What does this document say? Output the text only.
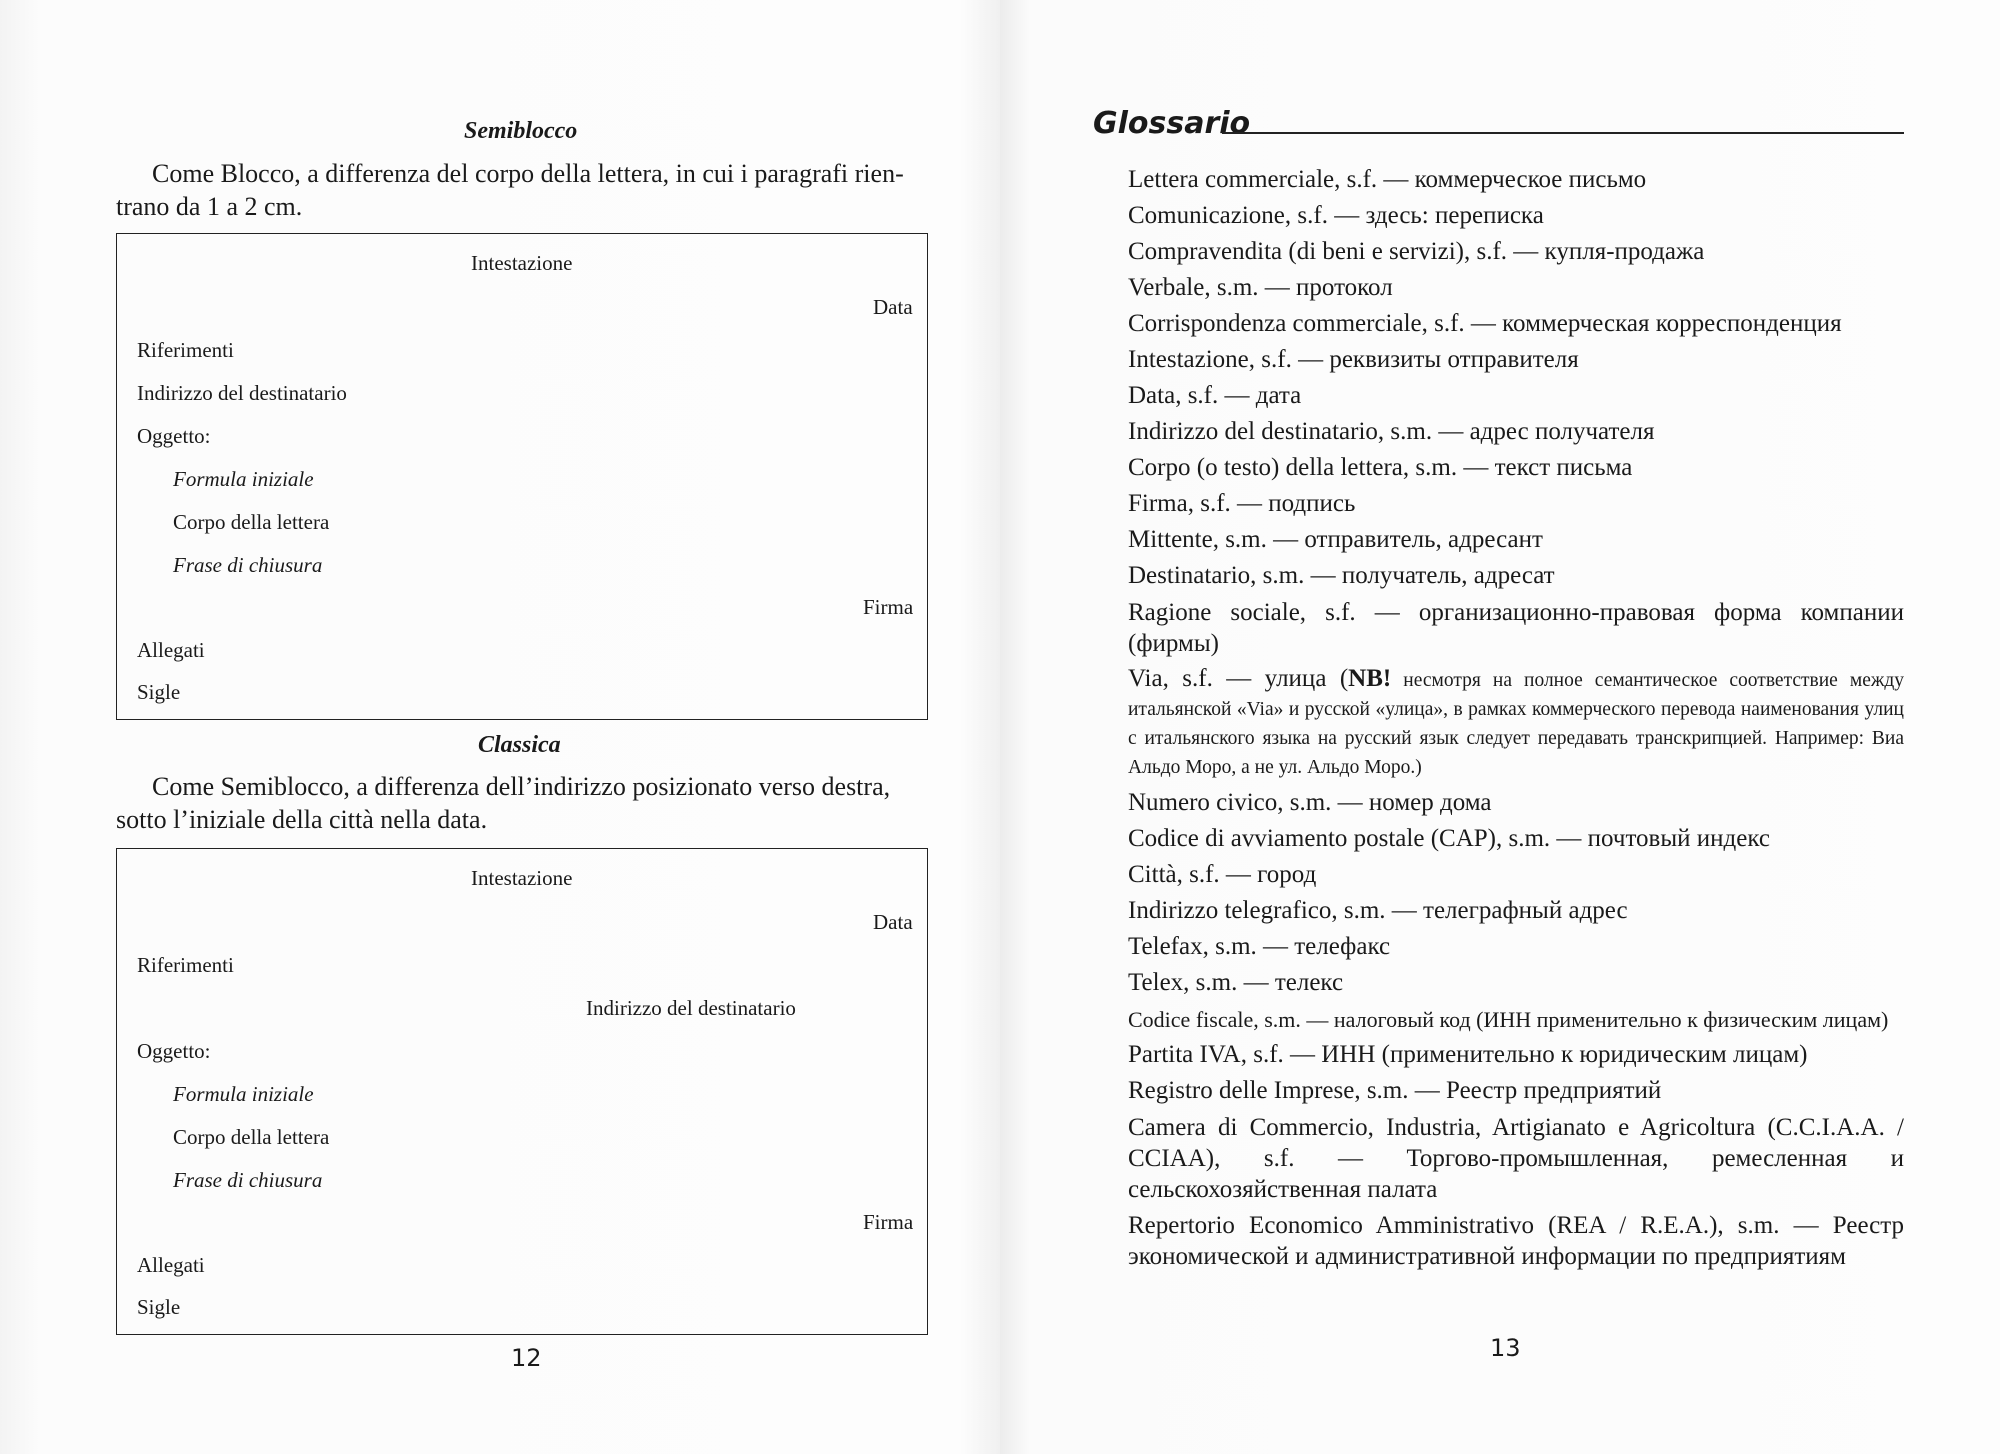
Semiblocco
Come Blocco, a differenza del corpo della lettera, in cui i paragrafi rien-
trano da 1 a 2 cm.
Intestazione
Data
Riferimenti
Indirizzo del destinatario
Oggetto:
Formula iniziale
Corpo della lettera
Frase di chiusura
Firma
Allegati
Sigle
Classica
Come Semiblocco, a differenza dell’indirizzo posizionato verso destra,
sotto l’iniziale della città nella data.
Intestazione
Data
Riferimenti
Indirizzo del destinatario
Oggetto:
Formula iniziale
Corpo della lettera
Frase di chiusura
Firma
Allegati
Sigle
12
Glossario
Lettera commerciale, s.f. — коммерческое письмо
Comunicazione, s.f. — здесь: переписка
Compravendita (di beni e servizi), s.f. — купля-продажа
Verbale, s.m. — протокол
Corrispondenza commerciale, s.f. — коммерческая корреспонденция
Intestazione, s.f. — реквизиты отправителя
Data, s.f. — дата
Indirizzo del destinatario, s.m. — адрес получателя
Corpo (o testo) della lettera, s.m. — текст письма
Firma, s.f. — подпись
Mittente, s.m. — отправитель, адресант
Destinatario, s.m. — получатель, адресат
Ragione sociale, s.f. — организационно-правовая форма компании (фирмы)
Via, s.f. — улица (NB! несмотря на полное семантическое соответствие между итальянской «Via» и русской «улица», в рамках коммерческого перевода наименования улиц с итальянского языка на русский язык следует передавать транскрипцией. Например: Виа Альдо Моро, а не ул. Альдо Моро.)
Numero civico, s.m. — номер дома
Codice di avviamento postale (CAP), s.m. — почтовый индекс
Città, s.f. — город
Indirizzo telegrafico, s.m. — телеграфный адрес
Telefax, s.m. — телефакс
Telex, s.m. — телекс
Codice fiscale, s.m. — налоговый код (ИНН применительно к физическим лицам)
Partita IVA, s.f. — ИНН (применительно к юридическим лицам)
Registro delle Imprese, s.m. — Реестр предприятий
Camera di Commercio, Industria, Artigianato e Agricoltura (C.C.I.A.A. / CCIAA), s.f. — Торгово-промышленная, ремесленная и сельскохозяйственная палата
Repertorio Economico Amministrativo (REA / R.E.A.), s.m. — Реестр экономической и административной информации по предприятиям
13
